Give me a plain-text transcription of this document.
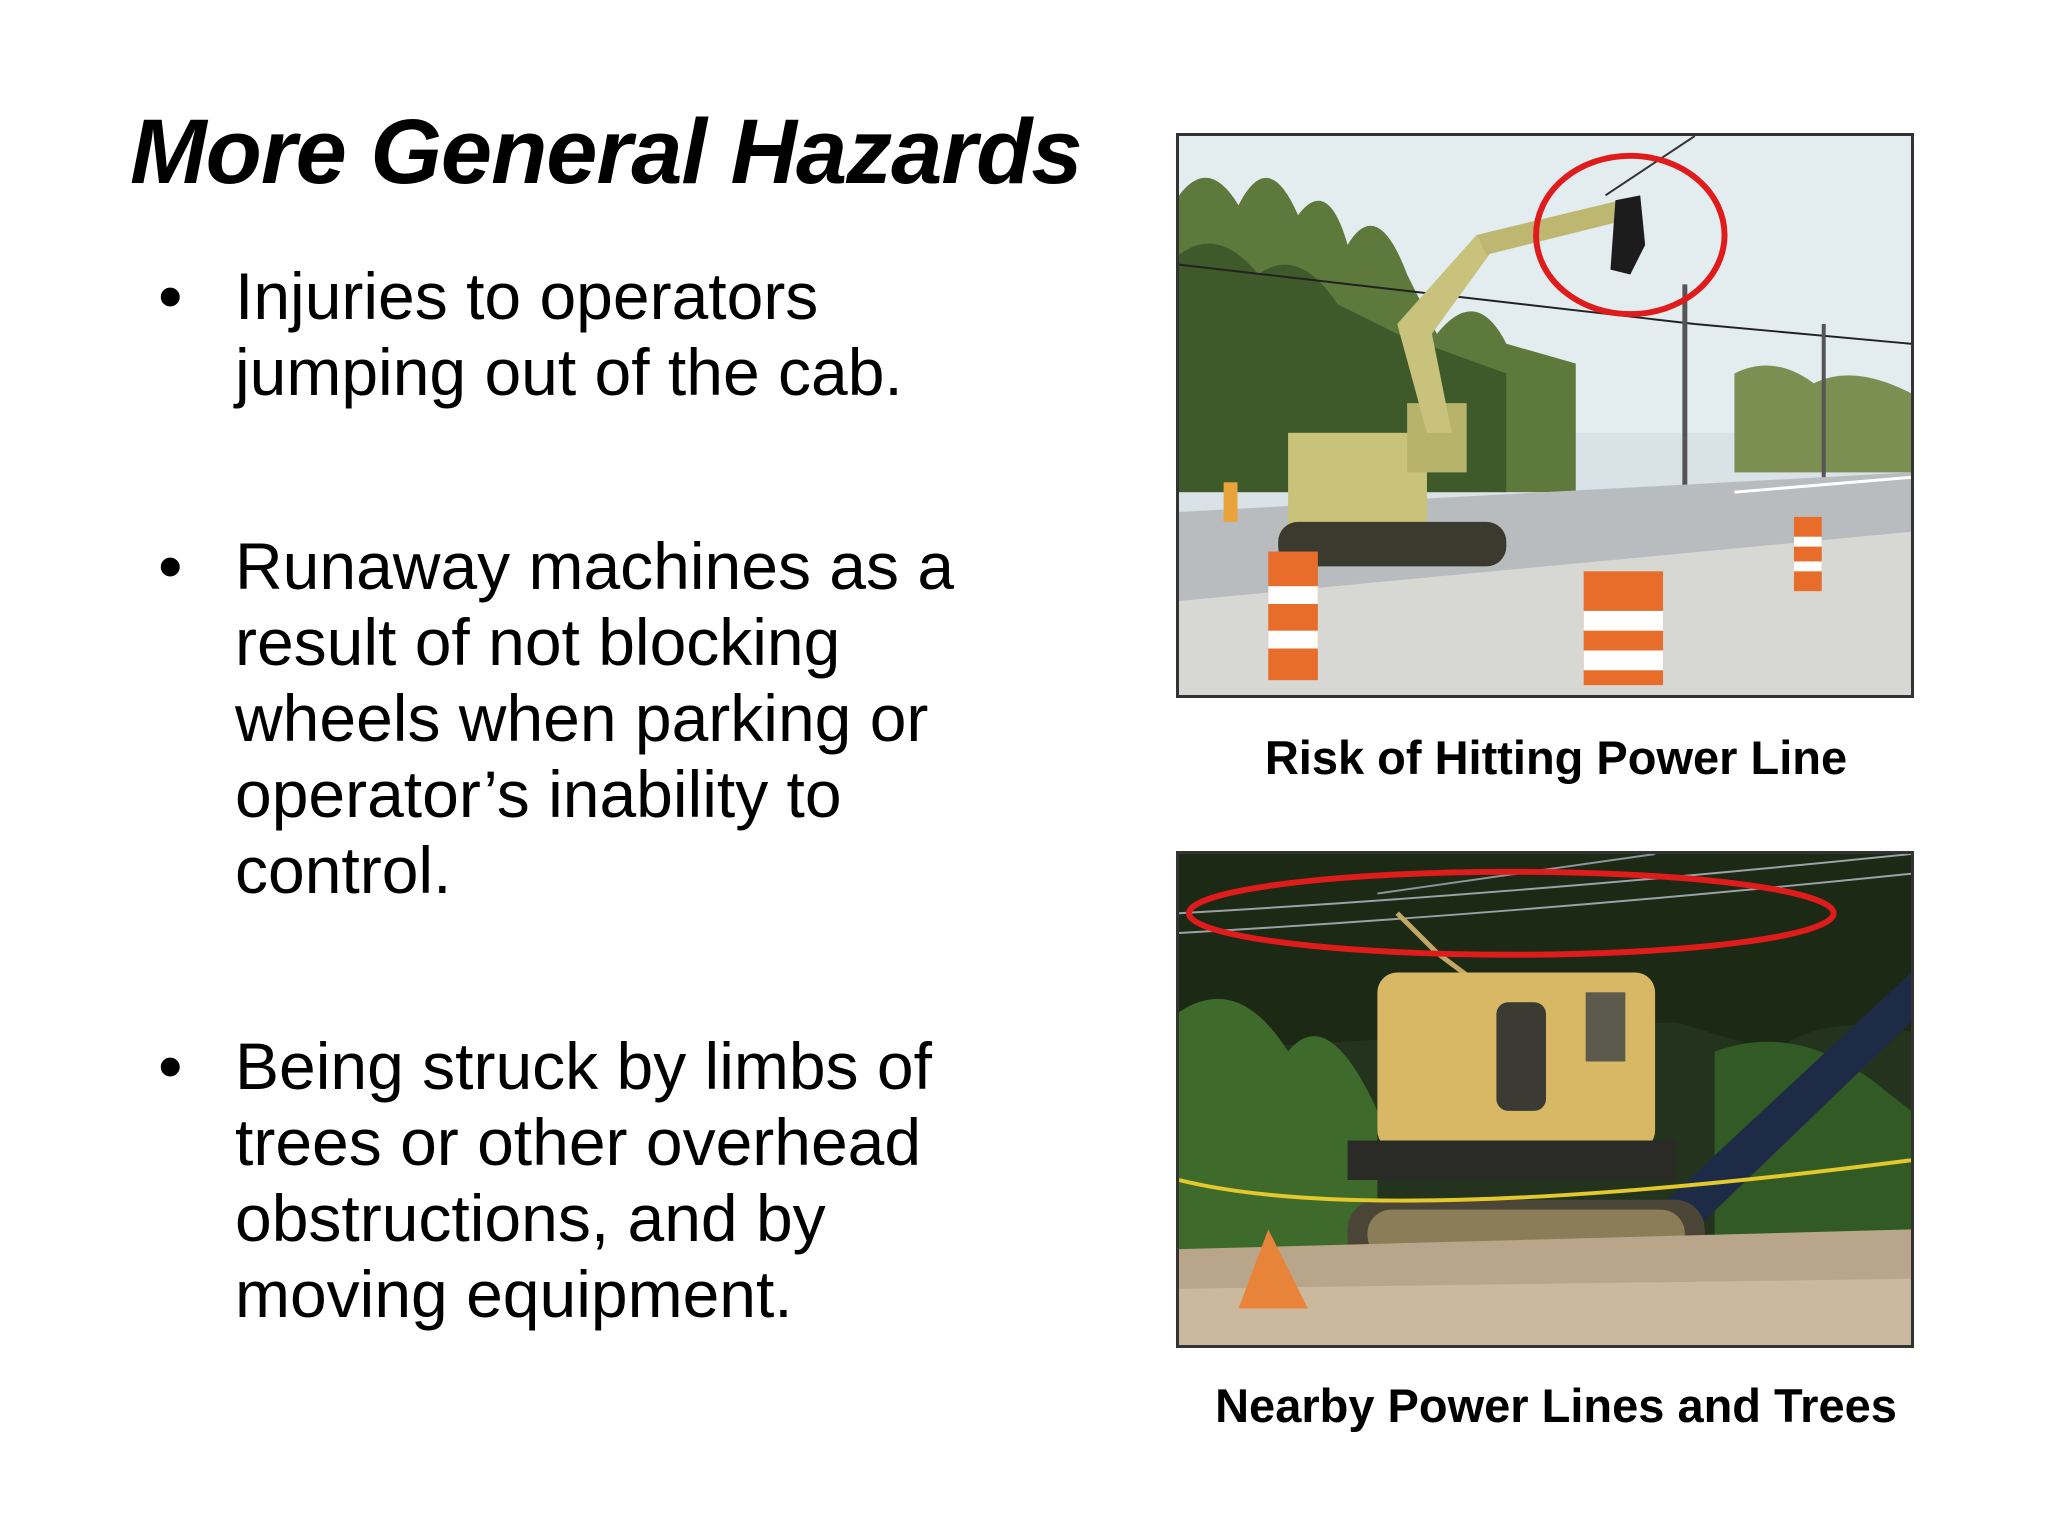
More General Hazards
• Injuries to operators
jumping out of the cab.
• Runaway machines as a
result of not blocking
wheels when parking or
operator’s inability to
control.
• Being struck by limbs of
trees or other overhead
obstructions, and by
moving equipment.
Risk of Hitting Power Line
Nearby Power Lines and Trees
